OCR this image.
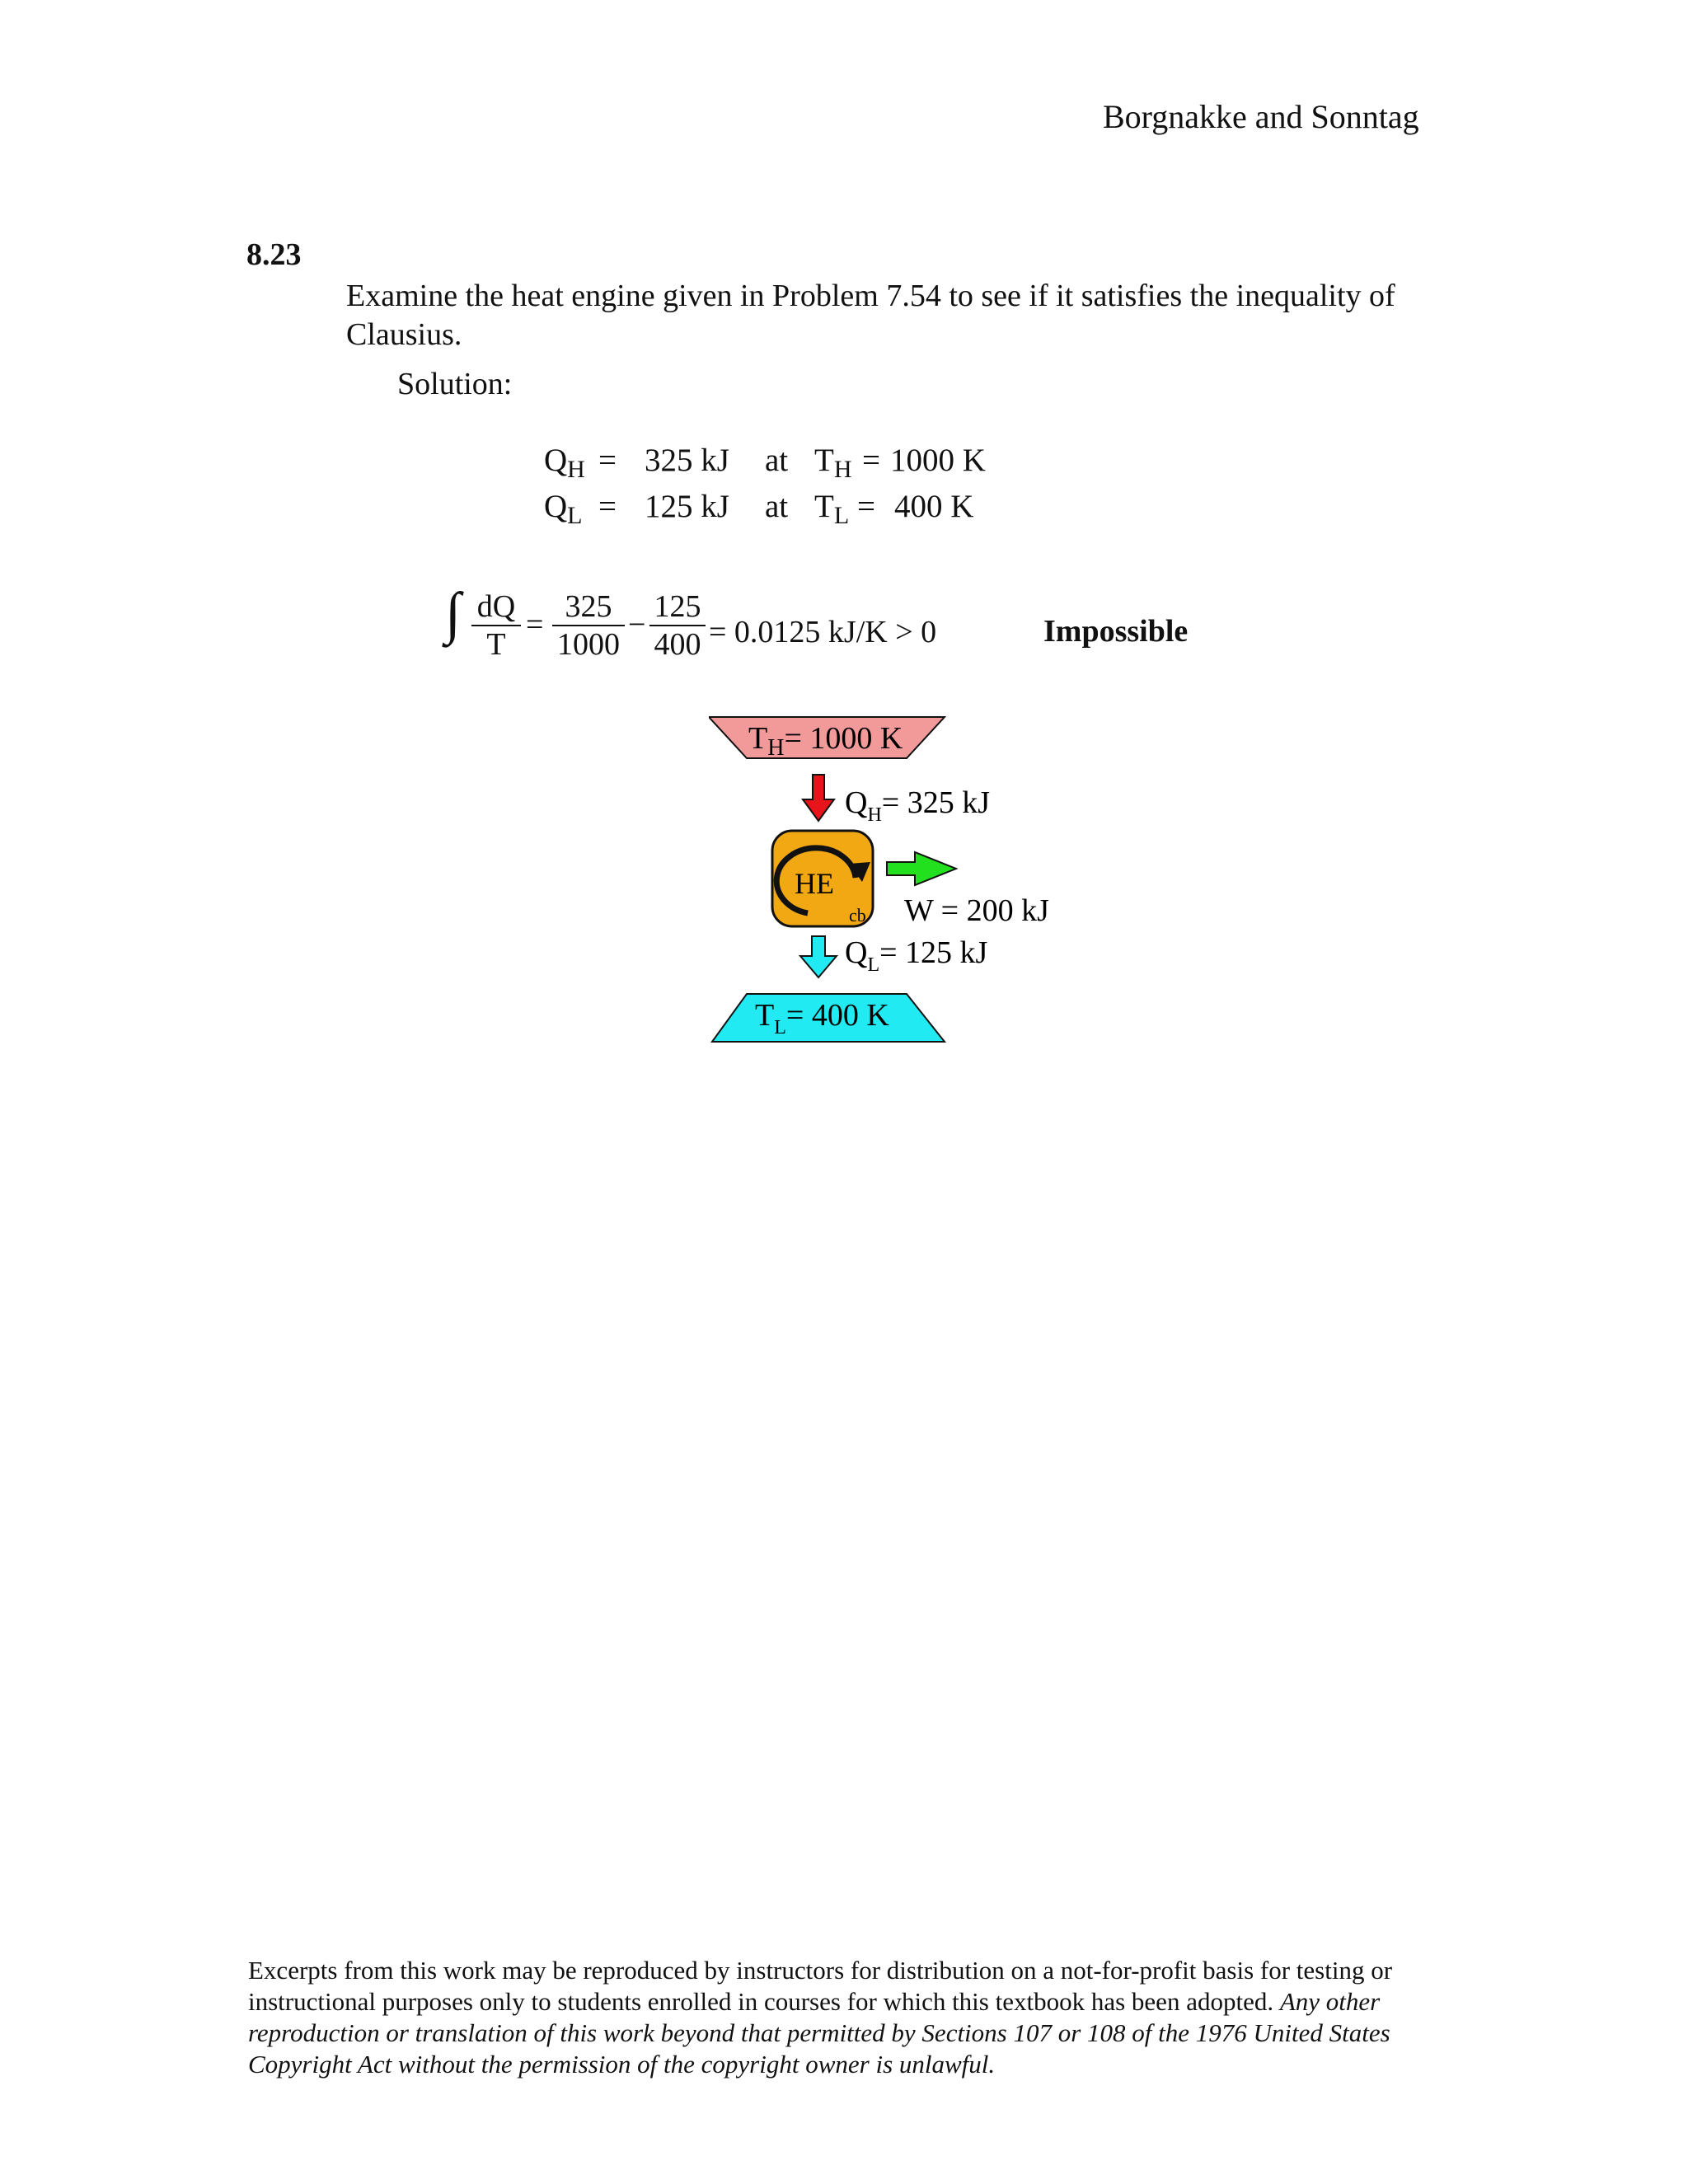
Borgnakke and Sonntag
8.23
Examine the heat engine given in Problem 7.54 to see if it satisfies the inequality of Clausius.
Solution:
$Q_H = 325$ kJ at $T_H = 1000$ K
$Q_L = 125$ kJ at $T_L = 400$ K
∫ dQ
T
=
325
1000
−
125
400 = 0.0125 kJ/K > 0	Impossible
$T_H= 1000$ K
$Q_H= 325$ kJ
HE
cb W = 200 kJ
$Q_L= 125$ kJ
$T_L= 400$ K
Excerpts from this work may be reproduced by instructors for distribution on a not-for-profit basis for testing or instructional purposes only to students enrolled in courses for which this textbook has been adopted. Any other reproduction or translation of this work beyond that permitted by Sections 107 or 108 of the 1976 United States Copyright Act without the permission of the copyright owner is unlawful.
